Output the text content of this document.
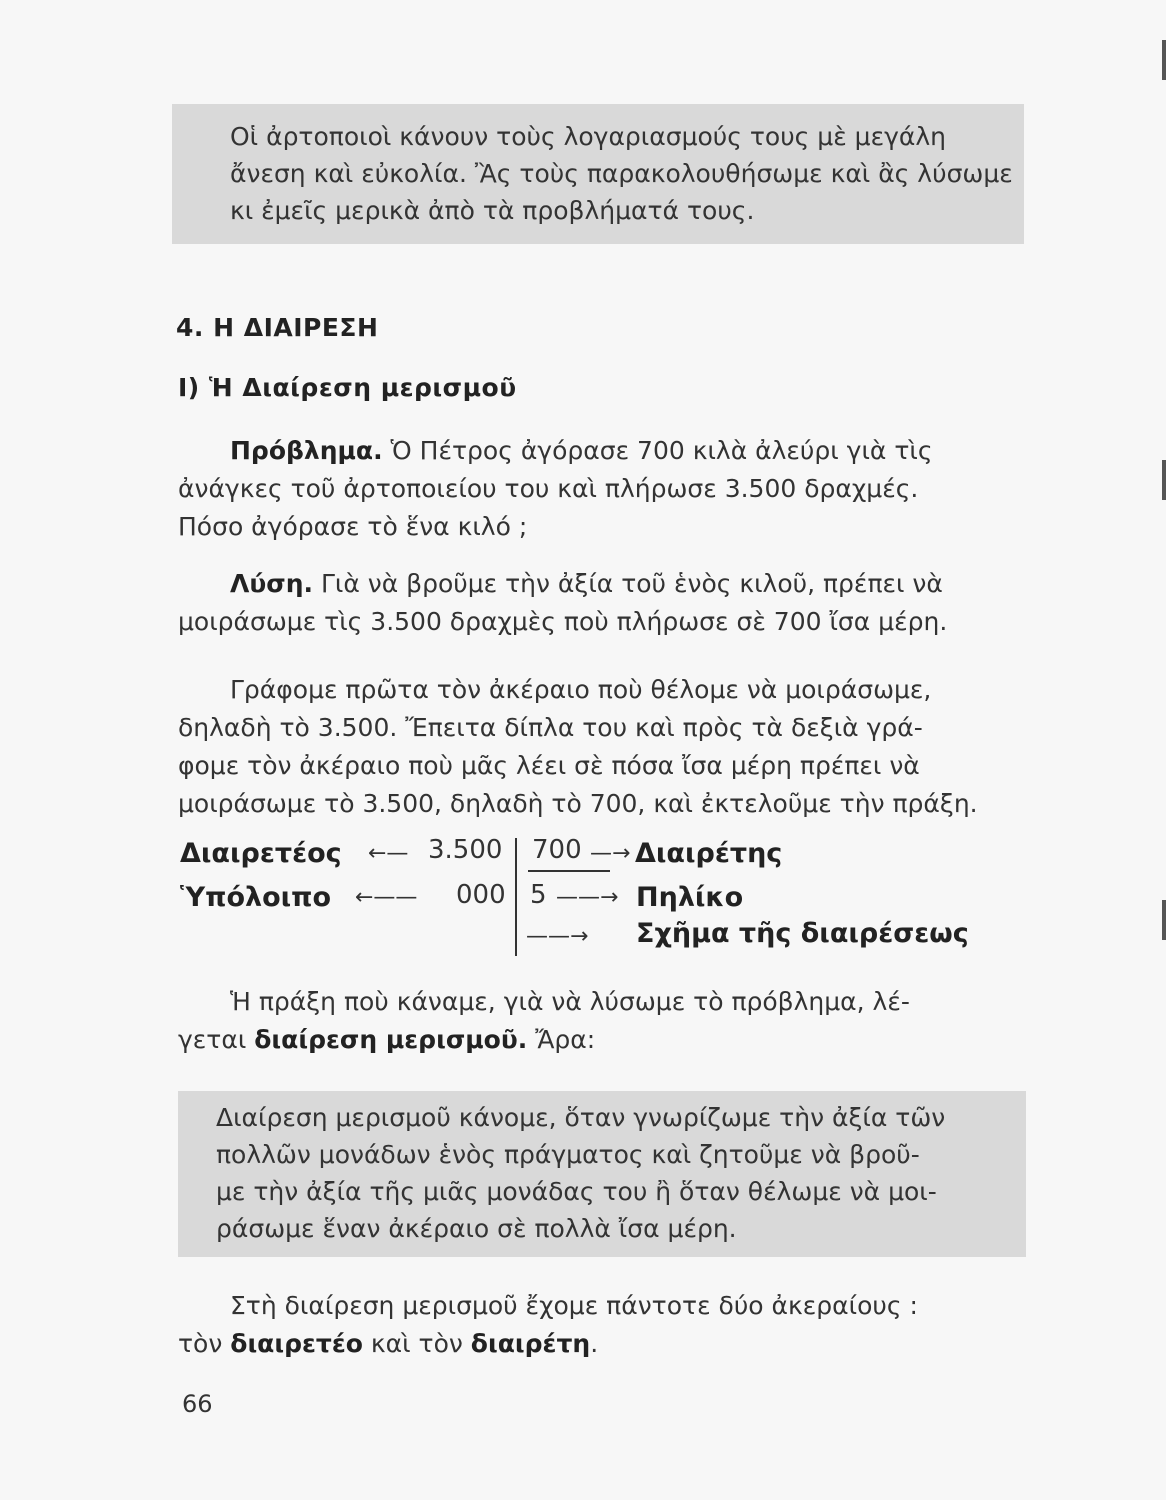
Οἱ ἀρτοποιοὶ κάνουν τοὺς λογαριασμούς τους μὲ μεγάλη
ἄνεση καὶ εὐκολία. Ἂς τοὺς παρακολουθήσωμε καὶ ἂς λύσωμε
κι ἐμεῖς μερικὰ ἀπὸ τὰ προβλήματά τους.
4. Η ΔΙΑΙΡΕΣΗ
Ι) Ἡ Διαίρεση μερισμοῦ
Πρόβλημα. Ὁ Πέτρος ἀγόρασε 700 κιλὰ ἀλεύρι γιὰ τὶς
ἀνάγκες τοῦ ἀρτοποιείου του καὶ πλήρωσε 3.500 δραχμές.
Πόσο ἀγόρασε τὸ ἕνα κιλό ;
Λύση. Γιὰ νὰ βροῦμε τὴν ἀξία τοῦ ἑνὸς κιλοῦ, πρέπει νὰ
μοιράσωμε τὶς 3.500 δραχμὲς ποὺ πλήρωσε σὲ 700 ἴσα μέρη.
Γράφομε πρῶτα τὸν ἀκέραιο ποὺ θέλομε νὰ μοιράσωμε,
δηλαδὴ τὸ 3.500. Ἔπειτα δίπλα του καὶ πρὸς τὰ δεξιὰ γρά-
φομε τὸν ἀκέραιο ποὺ μᾶς λέει σὲ πόσα ἴσα μέρη πρέπει νὰ
μοιράσωμε τὸ 3.500, δηλαδὴ τὸ 700, καὶ ἐκτελοῦμε τὴν πράξη.
Διαιρετέος ←— 3.500 700 —→ Διαιρέτης
Ὑπόλοιπο ←—— 000 5 ——→ Πηλίκο
——→ Σχῆμα τῆς διαιρέσεως
Ἡ πράξη ποὺ κάναμε, γιὰ νὰ λύσωμε τὸ πρόβλημα, λέ-
γεται διαίρεση μερισμοῦ. Ἄρα:
Διαίρεση μερισμοῦ κάνομε, ὅταν γνωρίζωμε τὴν ἀξία τῶν
πολλῶν μονάδων ἑνὸς πράγματος καὶ ζητοῦμε νὰ βροῦ-
με τὴν ἀξία τῆς μιᾶς μονάδας του ἢ ὅταν θέλωμε νὰ μοι-
ράσωμε ἕναν ἀκέραιο σὲ πολλὰ ἴσα μέρη.
Στὴ διαίρεση μερισμοῦ ἔχομε πάντοτε δύο ἀκεραίους :
τὸν διαιρετέο καὶ τὸν διαιρέτη.
66
